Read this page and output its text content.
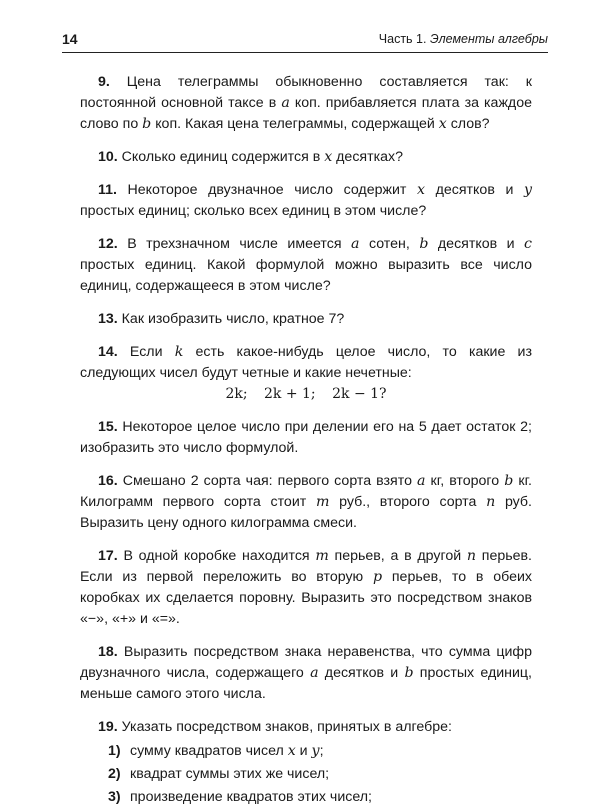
14	Часть 1. Элементы алгебры

9. Цена телеграммы обыкновенно составляется так: к постоянной основной таксе в a коп. прибавляется плата за каждое слово по b коп. Какая цена телеграммы, содержащей x слов?

10. Сколько единиц содержится в x десятках?

11. Некоторое двузначное число содержит x десятков и y простых единиц; сколько всех единиц в этом числе?

12. В трехзначном числе имеется a сотен, b десятков и c простых единиц. Какой формулой можно выразить все число единиц, содержащееся в этом числе?

13. Как изобразить число, кратное 7?

14. Если k есть какое-нибудь целое число, то какие из следующих чисел будут четные и какие нечетные:

2k; 2k + 1; 2k − 1?

15. Некоторое целое число при делении его на 5 дает остаток 2; изобразить это число формулой.

16. Смешано 2 сорта чая: первого сорта взято a кг, второго b кг. Килограмм первого сорта стоит m руб., второго сорта n руб. Выразить цену одного килограмма смеси.

17. В одной коробке находится m перьев, а в другой n перьев. Если из первой переложить во вторую p перьев, то в обеих коробках их сделается поровну. Выразить это посредством знаков «−», «+» и «=».

18. Выразить посредством знака неравенства, что сумма цифр двузначного числа, содержащего a десятков и b простых единиц, меньше самого этого числа.

19. Указать посредством знаков, принятых в алгебре:

1) сумму квадратов чисел x и y;

2) квадрат суммы этих же чисел;

3) произведение квадратов этих чисел;
